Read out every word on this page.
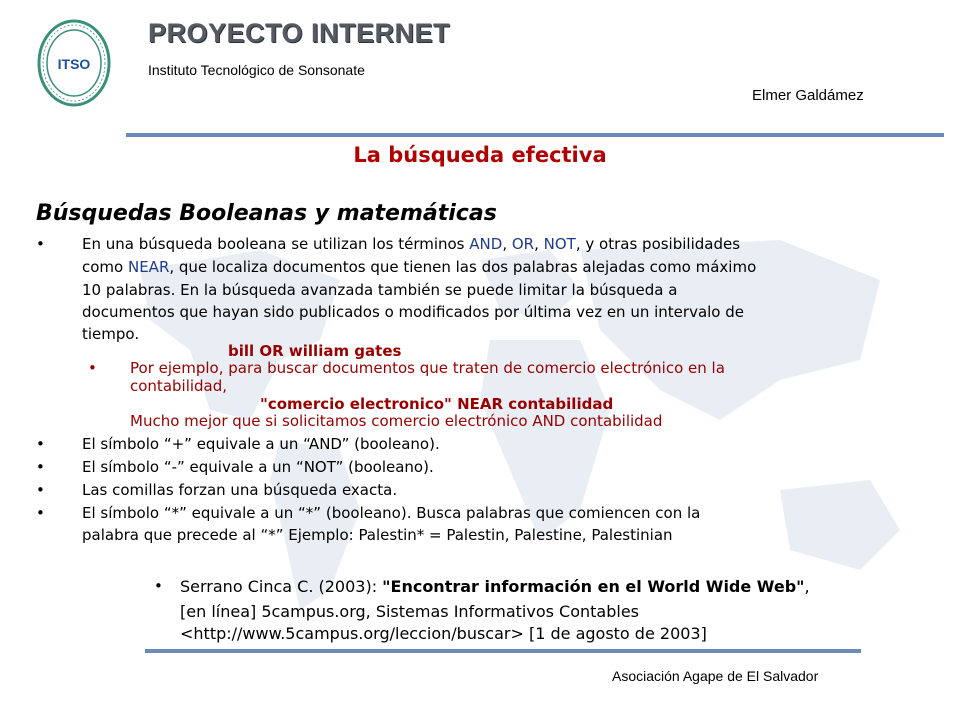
ITSO
PROYECTO INTERNET
Instituto Tecnológico de Sonsonate
Elmer Galdámez
La búsqueda efectiva
Búsquedas Booleanas y matemáticas
• En una búsqueda booleana se utilizan los términos AND, OR, NOT, y otras posibilidades
como NEAR, que localiza documentos que tienen las dos palabras alejadas como máximo
10 palabras. En la búsqueda avanzada también se puede limitar la búsqueda a
documentos que hayan sido publicados o modificados por última vez en un intervalo de
tiempo.
bill OR william gates
• Por ejemplo, para buscar documentos que traten de comercio electrónico en la
contabilidad,
"comercio electronico" NEAR contabilidad
Mucho mejor que si solicitamos comercio electrónico AND contabilidad
• El símbolo “+” equivale a un “AND” (booleano).
• El símbolo “-” equivale a un “NOT” (booleano).
• Las comillas forzan una búsqueda exacta.
• El símbolo “*” equivale a un “*” (booleano). Busca palabras que comiencen con la
palabra que precede al “*” Ejemplo: Palestin* = Palestin, Palestine, Palestinian
• Serrano Cinca C. (2003): "Encontrar información en el World Wide Web",
[en línea] 5campus.org, Sistemas Informativos Contables
<http://www.5campus.org/leccion/buscar> [1 de agosto de 2003]
Asociación Agape de El Salvador
